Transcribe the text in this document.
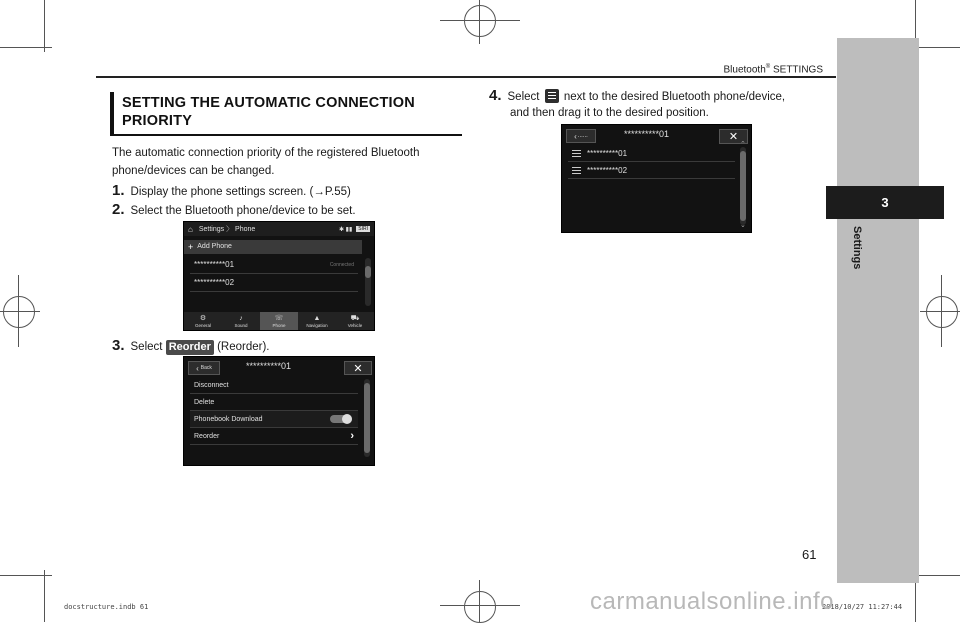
Bluetooth® SETTINGS
3
Settings
SETTING THE AUTOMATIC CONNECTION
PRIORITY
The automatic connection priority of the registered Bluetooth phone/devices can be changed.
1. Display the phone settings screen. (→P.55)
2. Select the Bluetooth phone/device to be set.
⌂ Settings 〉 Phone	✱ ▮▮	SIRI
+ Add Phone
**********01	Connected
**********02
⚙
General
♪
Sound
☏
Phone
▲
Navigation
⛟
Vehicle
3. Select Reorder (Reorder).
‹ Back	**********01	✕
Disconnect
Delete
Phonebook Download
Reorder	›
4. Select  next to the desired Bluetooth phone/device,
and then drag it to the desired position.
‹ ......	**********01	✕
**********01
**********02
⌃
⌄
61
docstructure.indb 61	2018/10/27 11:27:44
carmanualsonline.info
